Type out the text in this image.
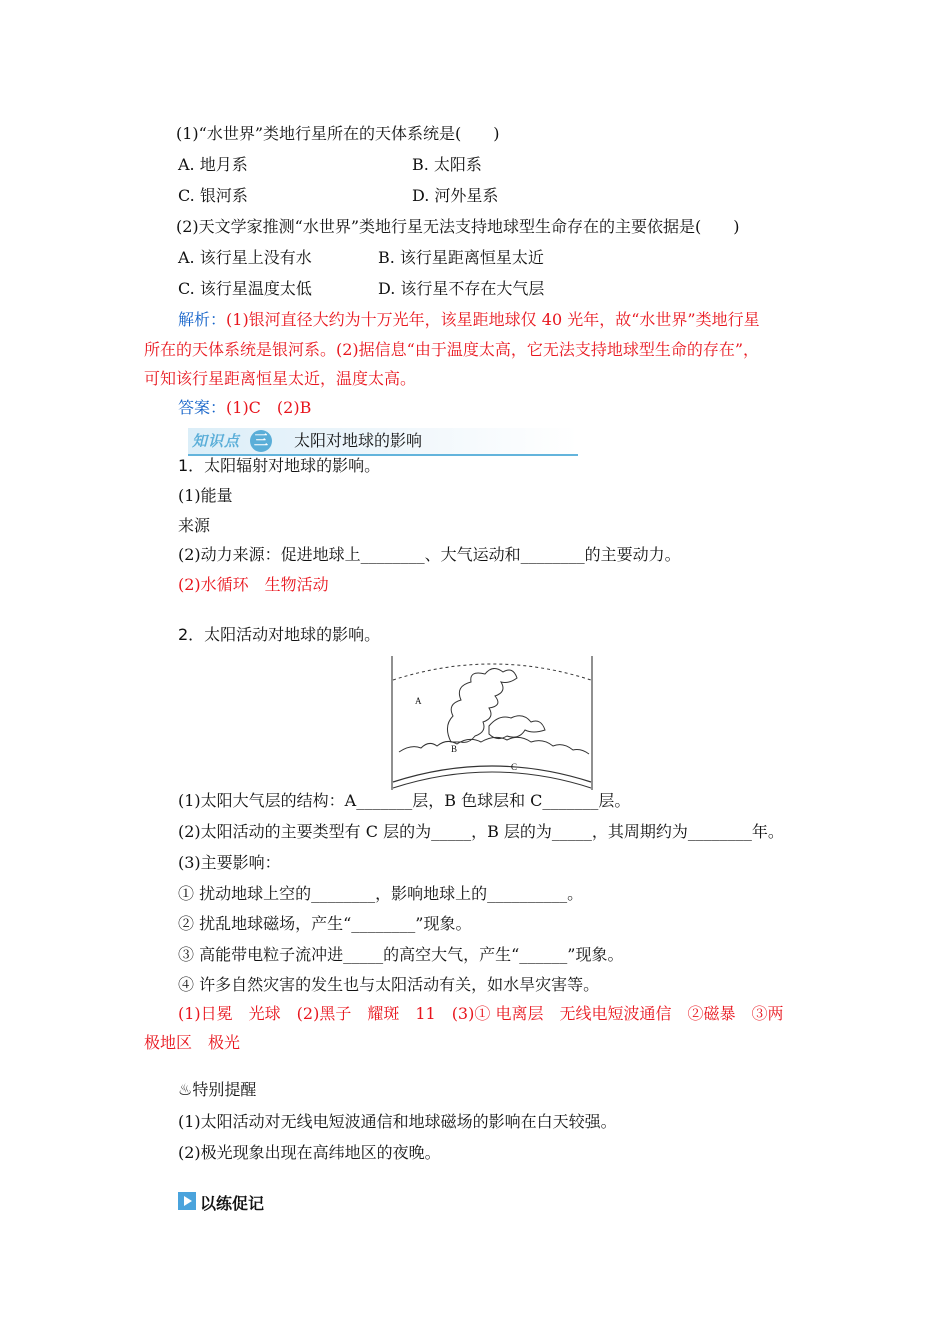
(1)“水世界”类地行星所在的天体系统是(　　)
A. 地月系	B. 太阳系
C. 银河系	D. 河外星系
(2)天文学家推测“水世界”类地行星无法支持地球型生命存在的主要依据是(　　)
A. 该行星上没有水	B. 该行星距离恒星太近
C. 该行星温度太低	D. 该行星不存在大气层
解析：(1)银河直径大约为十万光年，该星距地球仅 40 光年，故“水世界”类地行星
所在的天体系统是银河系。(2)据信息“由于温度太高，它无法支持地球型生命的存在”，
可知该行星距离恒星太近，温度太高。
答案：(1)C　(2)B
知识点 三 太阳对地球的影响
1．太阳辐射对地球的影响。
(1)能量
来源
(2)动力来源：促进地球上________、大气运动和________的主要动力。
(2)水循环　生物活动
2．太阳活动对地球的影响。
A
B
C
(1)太阳大气层的结构：A_______层，B 色球层和 C_______层。
(2)太阳活动的主要类型有 C 层的为_____，B 层的为_____，其周期约为________年。
(3)主要影响：
① 扰动地球上空的________，影响地球上的__________。
② 扰乱地球磁场，产生“________”现象。
③ 高能带电粒子流冲进_____的高空大气，产生“______”现象。
④ 许多自然灾害的发生也与太阳活动有关，如水旱灾害等。
(1)日冕　光球　(2)黑子　耀斑　11　(3)① 电离层　无线电短波通信　②磁暴　③两
极地区　极光
♨特别提醒
(1)太阳活动对无线电短波通信和地球磁场的影响在白天较强。
(2)极光现象出现在高纬地区的夜晚。
以练促记
